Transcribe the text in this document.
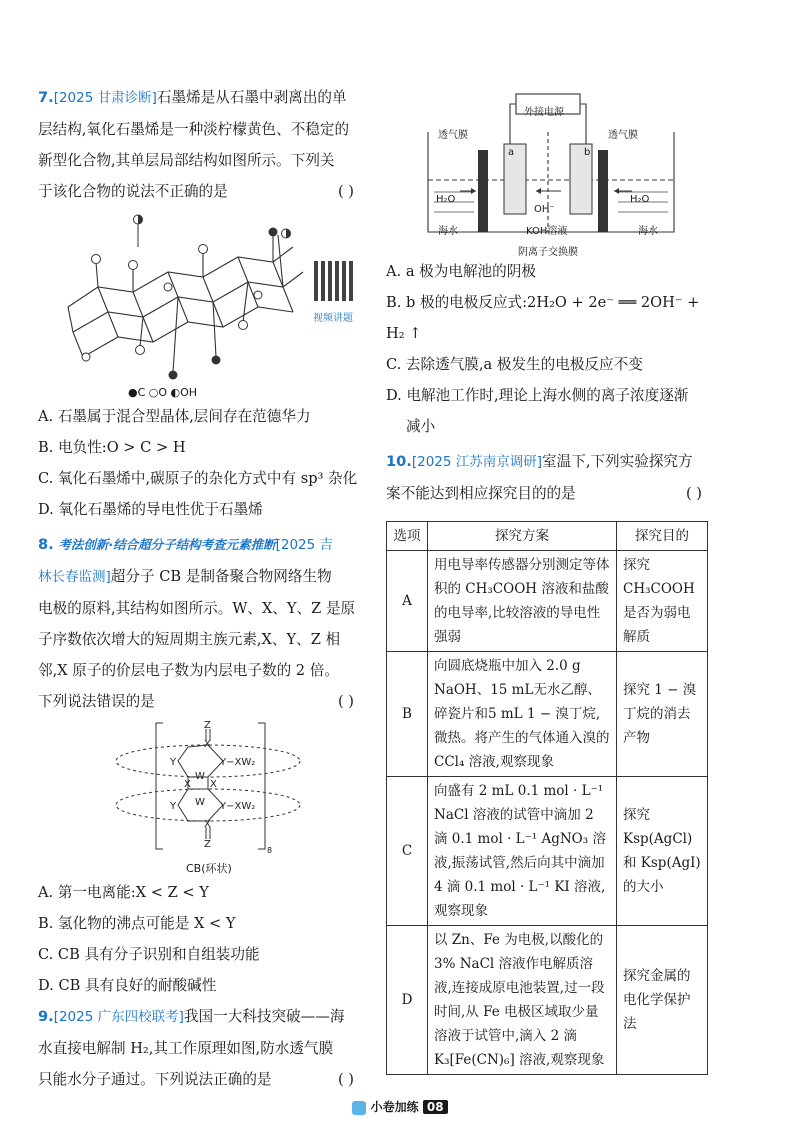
7.[2025 甘肃诊断]石墨烯是从石墨中剥离出的单
层结构,氧化石墨烯是一种淡柠檬黄色、不稳定的
新型化合物,其单层局部结构如图所示。下列关
于该化合物的说法不正确的是	( )
视频讲题
●C ○O ◐OH
A. 石墨属于混合型晶体,层间存在范德华力
B. 电负性:O > C > H
C. 氧化石墨烯中,碳原子的杂化方式中有 sp³ 杂化
D. 氧化石墨烯的导电性优于石墨烯
8. 考法创新·结合超分子结构考查元素推断[2025 吉
林长春监测]超分子 CB 是制备聚合物网络生物
电极的原料,其结构如图所示。W、X、Y、Z 是原
子序数依次增大的短周期主族元素,X、Y、Z 相
邻,X 原子的价层电子数为内层电子数的 2 倍。
下列说法错误的是	( )
Z
X
Y	Y−XW₂
X X
W
W
Y	Y−XW₂
X
Z
8
CB(环状)
A. 第一电离能:X < Z < Y
B. 氢化物的沸点可能是 X < Y
C. CB 具有分子识别和自组装功能
D. CB 具有良好的耐酸碱性
9.[2025 广东四校联考]我国一大科技突破——海
水直接电解制 H₂,其工作原理如图,防水透气膜
只能水分子通过。下列说法正确的是	( )
外接电源
透气膜	透气膜
a	b
H₂O	H₂O
OH⁻
海水	海水
KOH溶液
阴离子交换膜
A. a 极为电解池的阴极
B. b 极的电极反应式:2H₂O + 2e⁻ ══ 2OH⁻ + H₂ ↑
C. 去除透气膜,a 极发生的电极反应不变
D. 电解池工作时,理论上海水侧的离子浓度逐渐
减小
10.[2025 江苏南京调研]室温下,下列实验探究方
案不能达到相应探究目的的是	( )
选项	探究方案	探究目的
A	用电导率传感器分别测定等体积的 CH₃COOH 溶液和盐酸的电导率,比较溶液的导电性强弱	探究 CH₃COOH 是否为弱电解质
B	向圆底烧瓶中加入 2.0 g NaOH、15 mL无水乙醇、碎瓷片和5 mL 1 − 溴丁烷,微热。将产生的气体通入溴的 CCl₄ 溶液,观察现象	探究 1 − 溴丁烷的消去产物
C	向盛有 2 mL 0.1 mol · L⁻¹ NaCl 溶液的试管中滴加 2 滴 0.1 mol · L⁻¹ AgNO₃ 溶液,振荡试管,然后向其中滴加 4 滴 0.1 mol · L⁻¹ KI 溶液,观察现象	探究Ksp(AgCl) 和 Ksp(AgI) 的大小
D	以 Zn、Fe 为电极,以酸化的 3% NaCl 溶液作电解质溶液,连接成原电池装置,过一段时间,从 Fe 电极区域取少量溶液于试管中,滴入 2 滴 K₃[Fe(CN)₆] 溶液,观察现象	探究金属的电化学保护法
小卷加练 08
